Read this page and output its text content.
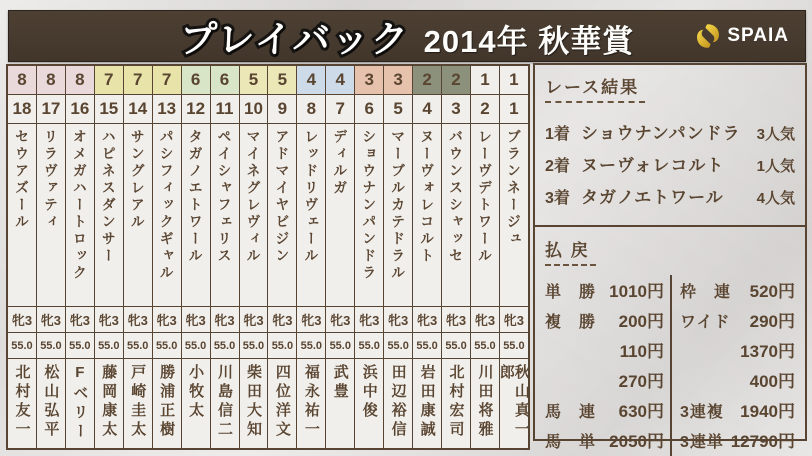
プレイバック 2014年 秋華賞	SPAIA
8
18
セウアズール
牝3
55.0
北村友一
8
17
リラヴァティ
牝3
55.0
松山弘平
8
16
オメガハートロック
牝3
55.0
Fベリー
7
15
ハピネスダンサー
牝3
55.0
藤岡康太
7
14
サングレアル
牝3
55.0
戸崎圭太
7
13
パシフィックギャル
牝3
55.0
勝浦正樹
6
12
タガノエトワール
牝3
55.0
小牧太
6
11
ペイシャフェリス
牝3
55.0
川島信二
5
10
マイネグレヴィル
牝3
55.0
柴田大知
5
9
アドマイヤビジン
牝3
55.0
四位洋文
4
8
レッドリヴェール
牝3
55.0
福永祐一
4
7
ディルガ
牝3
55.0
武豊
3
6
ショウナンパンドラ
牝3
55.0
浜中俊
3
5
マーブルカテドラル
牝3
55.0
田辺裕信
2
4
ヌーヴォレコルト
牝3
55.0
岩田康誠
2
3
バウンスシャッセ
牝3
55.0
北村宏司
1
2
レーヴデトワール
牝3
55.0
川田将雅
1
1
ブランネージュ
牝3
55.0
秋山真一郎
レース結果
1着 ショウナンパンドラ 3人気
2着 ヌーヴォレコルト 1人気
3着 タガノエトワール 4人気
払 戻
単　勝 1010円
複　勝 200円
110円
270円
馬　連 630円
馬　単 2050円
枠　連 520円
ワイド 290円
1370円
400円
3連複 1940円
3連単 12790円
